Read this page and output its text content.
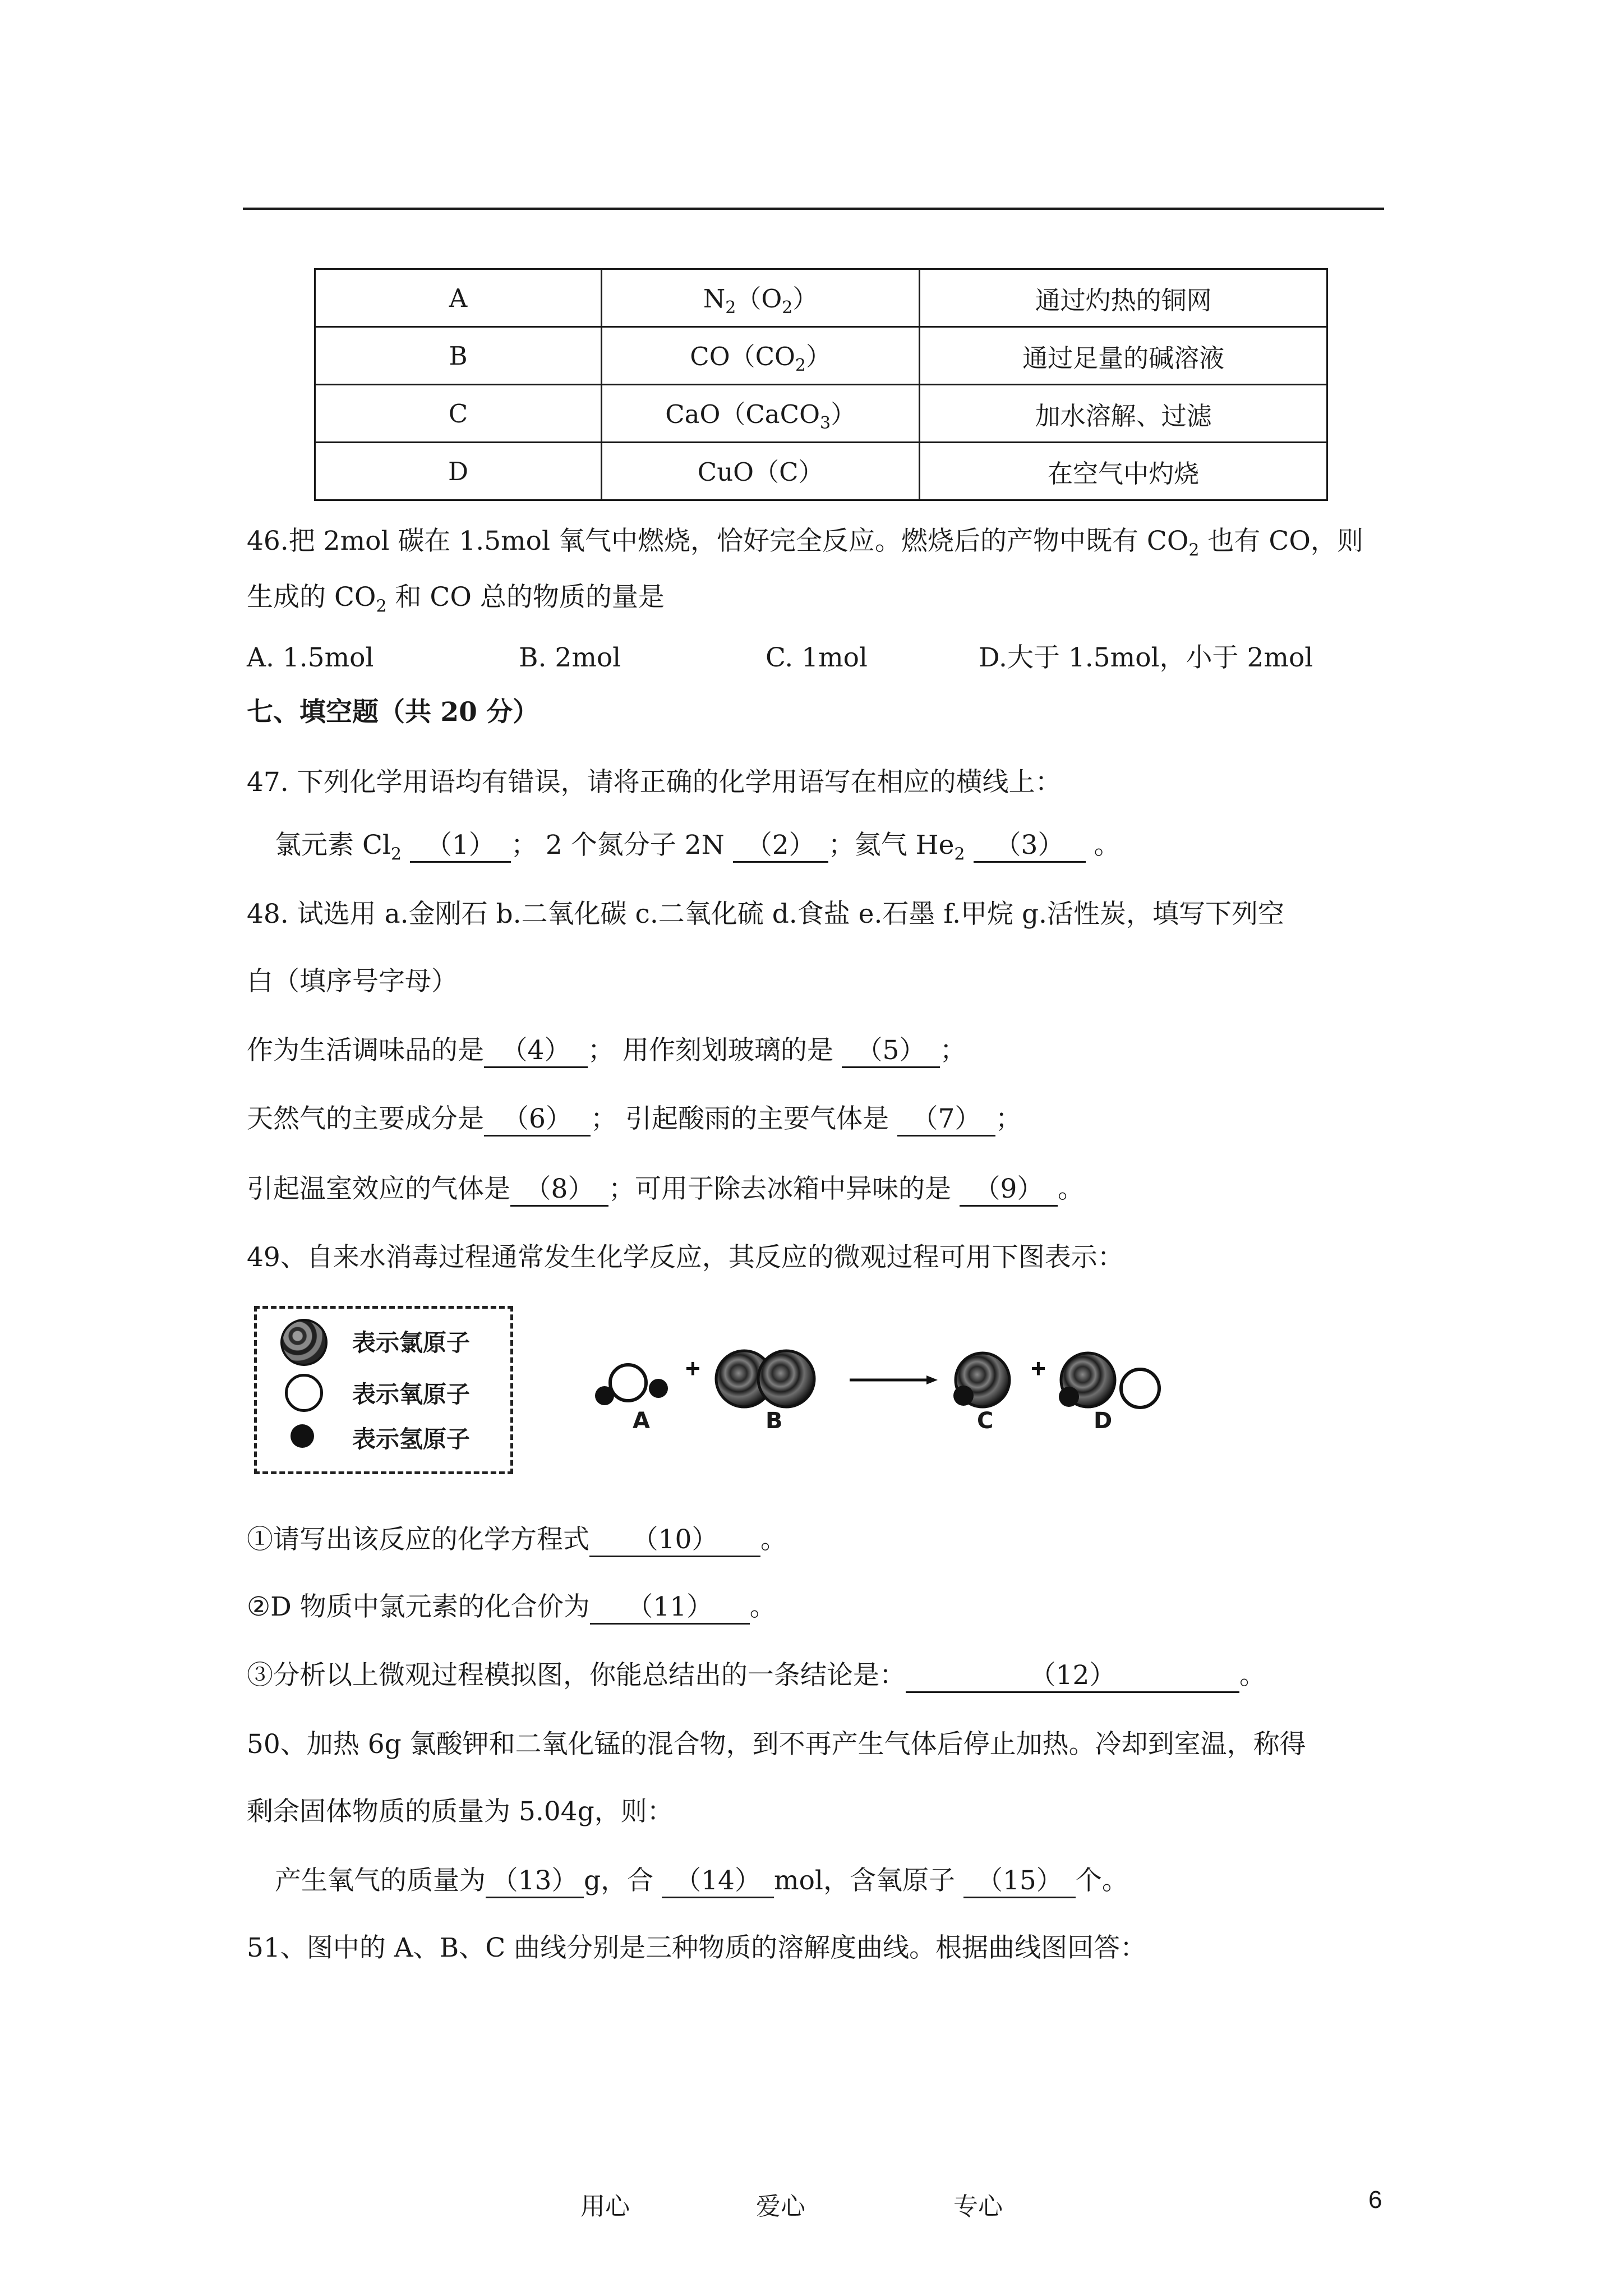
A	$N_2(O_2)$	通过灼热的铜网
B	$CO(CO_2)$	通过足量的碱溶液
C	CaO（CaCO$_3$）	加水溶解、过滤
D	CuO（C）	在空气中灼烧
46.把 2mol 碳在 1.5mol 氧气中燃烧，恰好完全反应。燃烧后的产物中既有 $CO_2$ 也有 CO，则
生成的 $CO_2$ 和 CO 总的物质的量是
A. 1.5mol	B. 2mol	C. 1mol	D.大于 1.5mol，小于 2mol
七、填空题（共 20 分）
47. 下列化学用语均有错误，请将正确的化学用语写在相应的横线上：
氯元素 $Cl_2$ （1） ； 2 个氮分子 2N （2） ；氦气 $He_2$ （3） 。
48. 试选用 a.金刚石 b.二氧化碳 c.二氧化硫 d.食盐 e.石墨 f.甲烷 g.活性炭，填写下列空
白（填序号字母）
作为生活调味品的是 （4） ； 用作刻划玻璃的是 （5） ；
天然气的主要成分是 （6） ； 引起酸雨的主要气体是 （7） ；
引起温室效应的气体是 （8） ；可用于除去冰箱中异味的是 （9） 。
49、自来水消毒过程通常发生化学反应，其反应的微观过程可用下图表示：
表示氯原子
表示氧原子
表示氢原子
+	+
A	B	C	D
①请写出该反应的化学方程式 （10） 。
②D 物质中氯元素的化合价为 （11） 。
③分析以上微观过程模拟图，你能总结出的一条结论是：	（12）	。
50、加热 6g 氯酸钾和二氧化锰的混合物，到不再产生气体后停止加热。冷却到室温，称得
剩余固体物质的质量为 5.04g，则：
产生氧气的质量为 （13） g，合 （14） mol，含氧原子 （15） 个。
51、图中的 A、B、C 曲线分别是三种物质的溶解度曲线。根据曲线图回答：
用心	爱心	专心	6
